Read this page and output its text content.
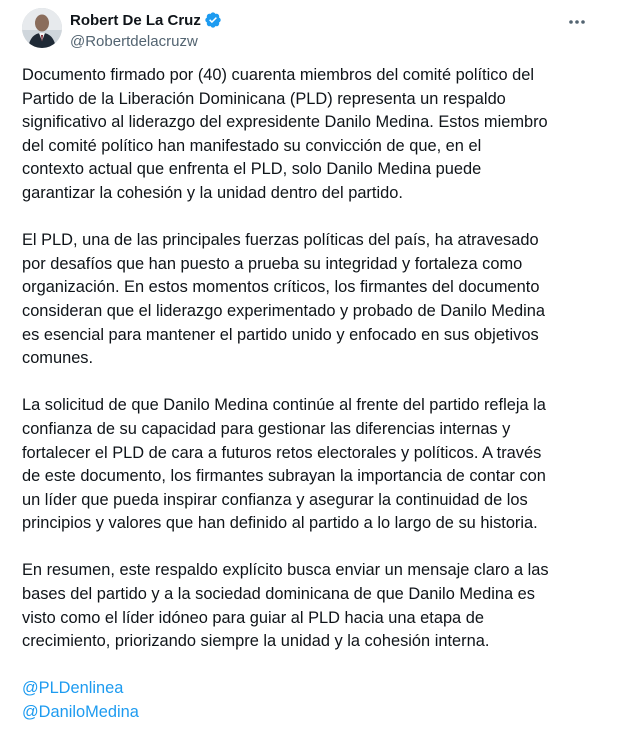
Robert De La Cruz
@Robertdelacruzw

Documento firmado por (40) cuarenta miembros del comité político del
Partido de la Liberación Dominicana (PLD) representa un respaldo
significativo al liderazgo del expresidente Danilo Medina. Estos miembro
del comité político han manifestado su convicción de que, en el
contexto actual que enfrenta el PLD, solo Danilo Medina puede
garantizar la cohesión y la unidad dentro del partido.

El PLD, una de las principales fuerzas políticas del país, ha atravesado
por desafíos que han puesto a prueba su integridad y fortaleza como
organización. En estos momentos críticos, los firmantes del documento
consideran que el liderazgo experimentado y probado de Danilo Medina
es esencial para mantener el partido unido y enfocado en sus objetivos
comunes.

La solicitud de que Danilo Medina continúe al frente del partido refleja la
confianza de su capacidad para gestionar las diferencias internas y
fortalecer el PLD de cara a futuros retos electorales y políticos. A través
de este documento, los firmantes subrayan la importancia de contar con
un líder que pueda inspirar confianza y asegurar la continuidad de los
principios y valores que han definido al partido a lo largo de su historia.

En resumen, este respaldo explícito busca enviar un mensaje claro a las
bases del partido y a la sociedad dominicana de que Danilo Medina es
visto como el líder idóneo para guiar al PLD hacia una etapa de
crecimiento, priorizando siempre la unidad y la cohesión interna.

@PLDenlinea
@DaniloMedina
